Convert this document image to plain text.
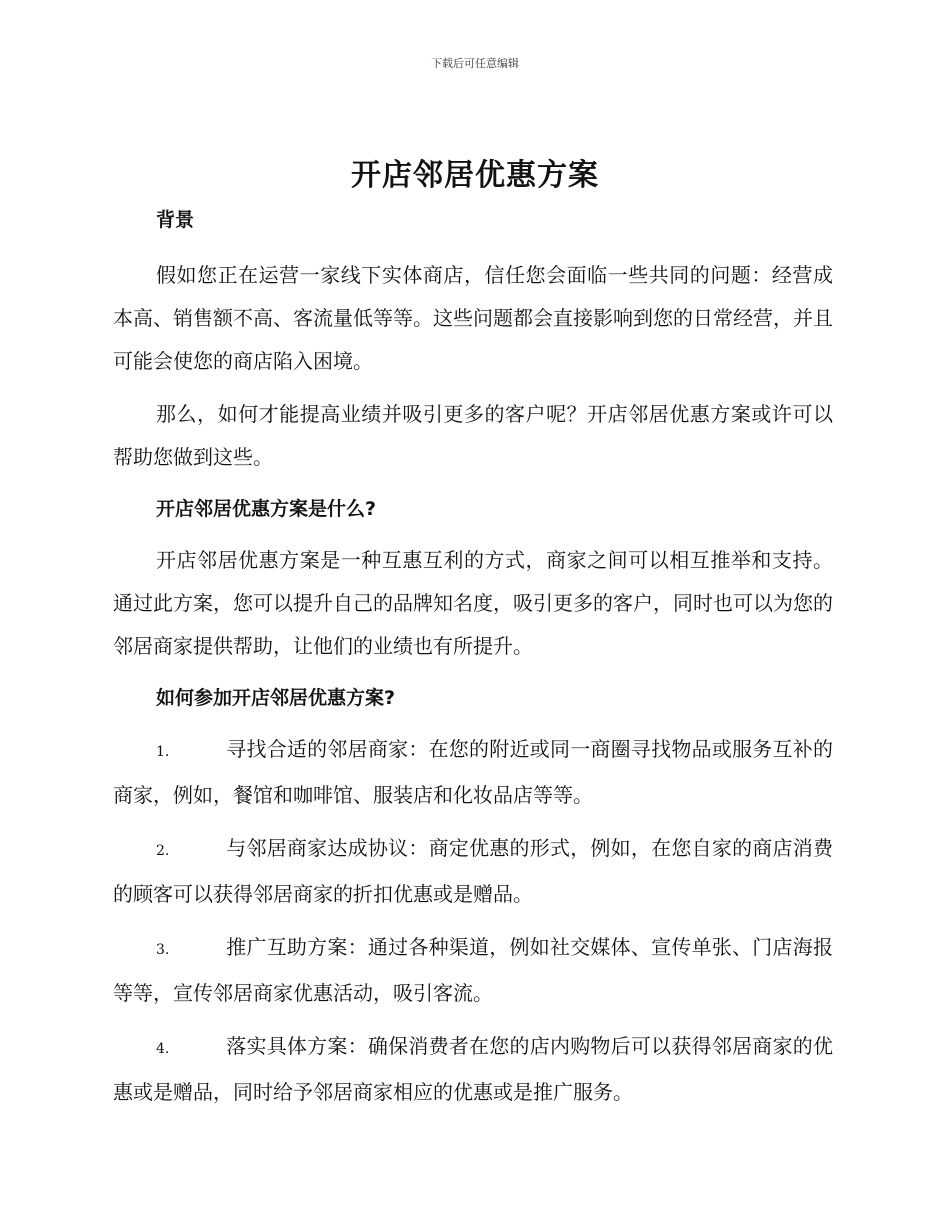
下载后可任意编辑
开店邻居优惠方案
背景

假如您正在运营一家线下实体商店，信任您会面临一些共同的问题：经营成本高、销售额不高、客流量低等等。这些问题都会直接影响到您的日常经营，并且可能会使您的商店陷入困境。

那么，如何才能提高业绩并吸引更多的客户呢？开店邻居优惠方案或许可以帮助您做到这些。

开店邻居优惠方案是什么?

开店邻居优惠方案是一种互惠互利的方式，商家之间可以相互推举和支持。通过此方案，您可以提升自己的品牌知名度，吸引更多的客户，同时也可以为您的邻居商家提供帮助，让他们的业绩也有所提升。

如何参加开店邻居优惠方案?

1.	寻找合适的邻居商家：在您的附近或同一商圈寻找物品或服务互补的商家，例如，餐馆和咖啡馆、服装店和化妆品店等等。

2.	与邻居商家达成协议：商定优惠的形式，例如，在您自家的商店消费的顾客可以获得邻居商家的折扣优惠或是赠品。

3.	推广互助方案：通过各种渠道，例如社交媒体、宣传单张、门店海报等等，宣传邻居商家优惠活动，吸引客流。

4.	落实具体方案：确保消费者在您的店内购物后可以获得邻居商家的优惠或是赠品，同时给予邻居商家相应的优惠或是推广服务。
